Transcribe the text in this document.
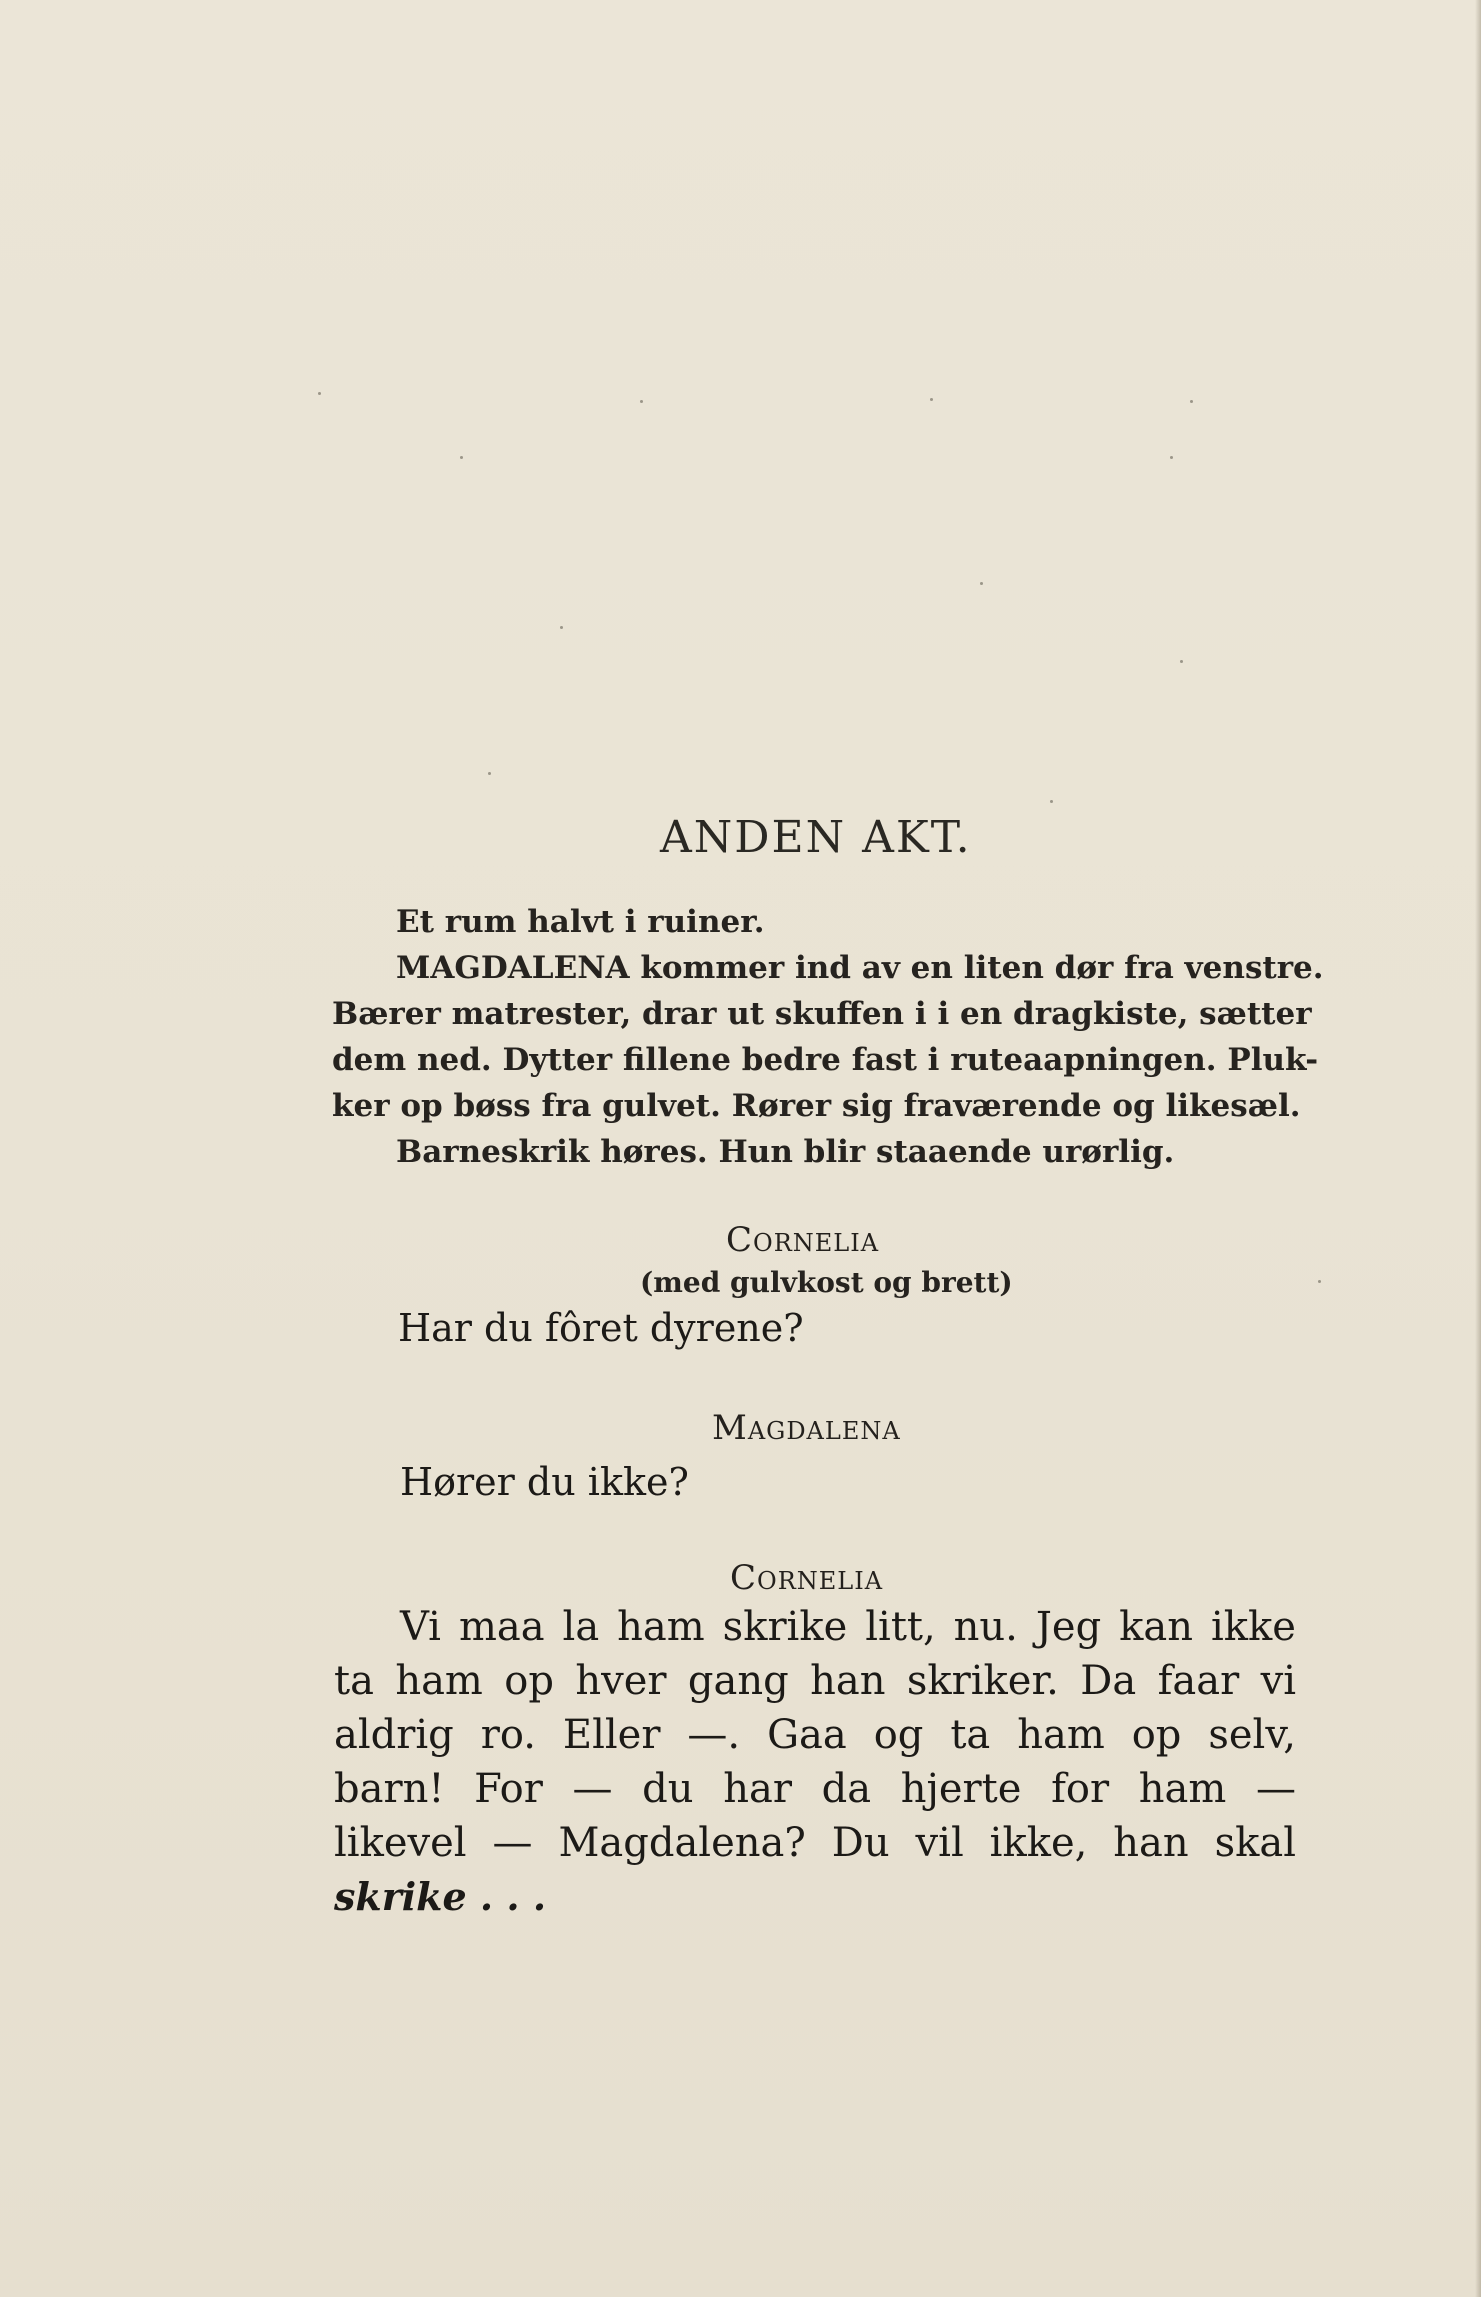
ANDEN AKT.
Et rum halvt i ruiner.
MAGDALENA kommer ind av en liten dør fra venstre.
Bærer matrester, drar ut skuffen i i en dragkiste, sætter
dem ned. Dytter fillene bedre fast i ruteaapningen. Pluk-
ker op bøss fra gulvet. Rører sig fraværende og likesæl.
Barneskrik høres. Hun blir staaende urørlig.
Cornelia
(med gulvkost og brett)
Har du fôret dyrene?
Magdalena
Hører du ikke?
Cornelia
Vi maa la ham skrike litt, nu. Jeg kan ikke
ta ham op hver gang han skriker. Da faar vi
aldrig ro. Eller —. Gaa og ta ham op selv,
barn! For — du har da hjerte for ham —
likevel — Magdalena? Du vil ikke, han skal
skrike . . .
